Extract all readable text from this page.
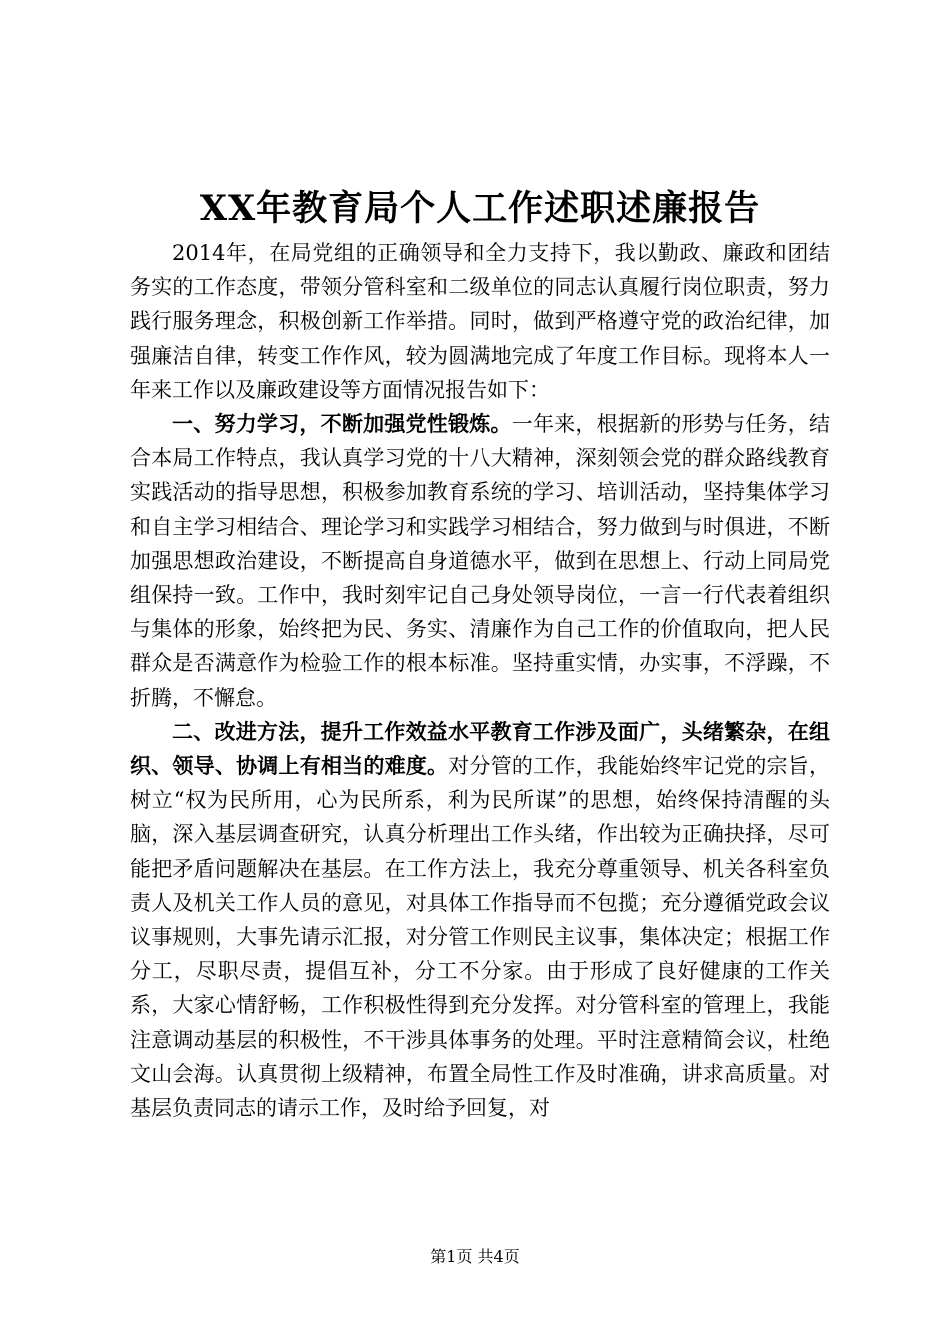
XX年教育局个人工作述职述廉报告

2014年，在局党组的正确领导和全力支持下，我以勤政、廉政和团结务实的工作态度，带领分管科室和二级单位的同志认真履行岗位职责，努力践行服务理念，积极创新工作举措。同时，做到严格遵守党的政治纪律，加强廉洁自律，转变工作作风，较为圆满地完成了年度工作目标。现将本人一年来工作以及廉政建设等方面情况报告如下：

一、努力学习，不断加强党性锻炼。一年来，根据新的形势与任务，结合本局工作特点，我认真学习党的十八大精神，深刻领会党的群众路线教育实践活动的指导思想，积极参加教育系统的学习、培训活动，坚持集体学习和自主学习相结合、理论学习和实践学习相结合，努力做到与时俱进，不断加强思想政治建设，不断提高自身道德水平，做到在思想上、行动上同局党组保持一致。工作中，我时刻牢记自己身处领导岗位，一言一行代表着组织与集体的形象，始终把为民、务实、清廉作为自己工作的价值取向，把人民群众是否满意作为检验工作的根本标准。坚持重实情，办实事，不浮躁，不折腾，不懈怠。

二、改进方法，提升工作效益水平教育工作涉及面广，头绪繁杂，在组织、领导、协调上有相当的难度。对分管的工作，我能始终牢记党的宗旨，树立“权为民所用，心为民所系，利为民所谋”的思想，始终保持清醒的头脑，深入基层调查研究，认真分析理出工作头绪，作出较为正确抉择，尽可能把矛盾问题解决在基层。在工作方法上，我充分尊重领导、机关各科室负责人及机关工作人员的意见，对具体工作指导而不包揽；充分遵循党政会议议事规则，大事先请示汇报，对分管工作则民主议事，集体决定；根据工作分工，尽职尽责，提倡互补，分工不分家。由于形成了良好健康的工作关系，大家心情舒畅，工作积极性得到充分发挥。对分管科室的管理上，我能注意调动基层的积极性，不干涉具体事务的处理。平时注意精简会议，杜绝文山会海。认真贯彻上级精神，布置全局性工作及时准确，讲求高质量。对基层负责同志的请示工作，及时给予回复，对

第1页 共4页
